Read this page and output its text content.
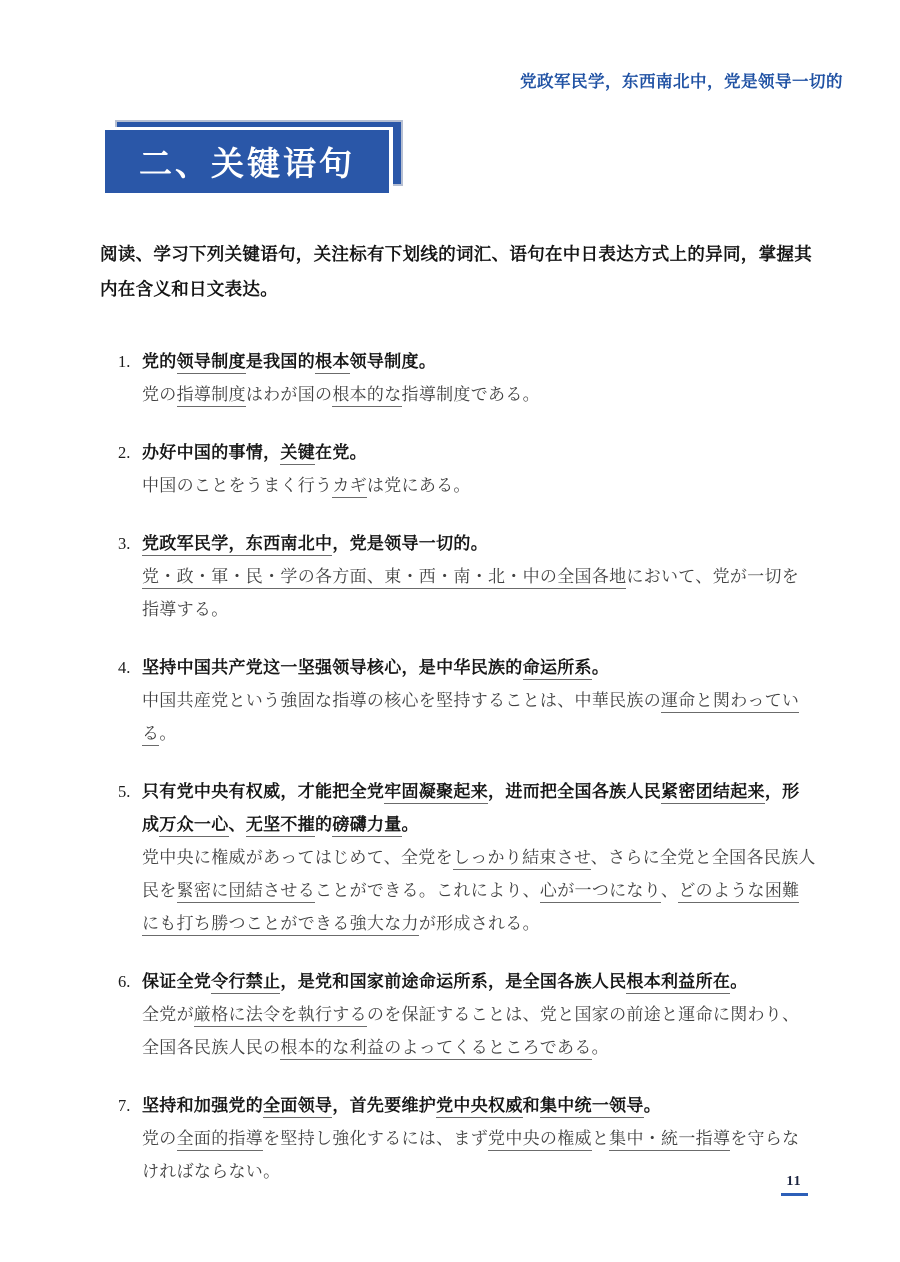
党政军民学，东西南北中，党是领导一切的
二、关键语句

阅读、学习下列关键语句，关注标有下划线的词汇、语句在中日表达方式上的异同，掌握其内在含义和日文表达。

1. 党的领导制度是我国的根本领导制度。

党の指導制度はわが国の根本的な指導制度である。

2. 办好中国的事情，关键在党。

中国のことをうまく行うカギは党にある。

3. 党政军民学，东西南北中，党是领导一切的。

党・政・軍・民・学の各方面、東・西・南・北・中の全国各地において、党が一切を指導する。

4. 坚持中国共产党这一坚强领导核心，是中华民族的命运所系。

中国共産党という強固な指導の核心を堅持することは、中華民族の運命と関わっている。

5. 只有党中央有权威，才能把全党牢固凝聚起来，进而把全国各族人民紧密团结起来，形成万众一心、无坚不摧的磅礴力量。

党中央に権威があってはじめて、全党をしっかり結束させ、さらに全党と全国各民族人民を緊密に団結させることができる。これにより、心が一つになり、どのような困難にも打ち勝つことができる強大な力が形成される。

6. 保证全党令行禁止，是党和国家前途命运所系，是全国各族人民根本利益所在。

全党が厳格に法令を執行するのを保証することは、党と国家の前途と運命に関わり、全国各民族人民の根本的な利益のよってくるところである。

7. 坚持和加强党的全面领导，首先要维护党中央权威和集中统一领导。

党の全面的指導を堅持し強化するには、まず党中央の権威と集中・統一指導を守らなければならない。

11
